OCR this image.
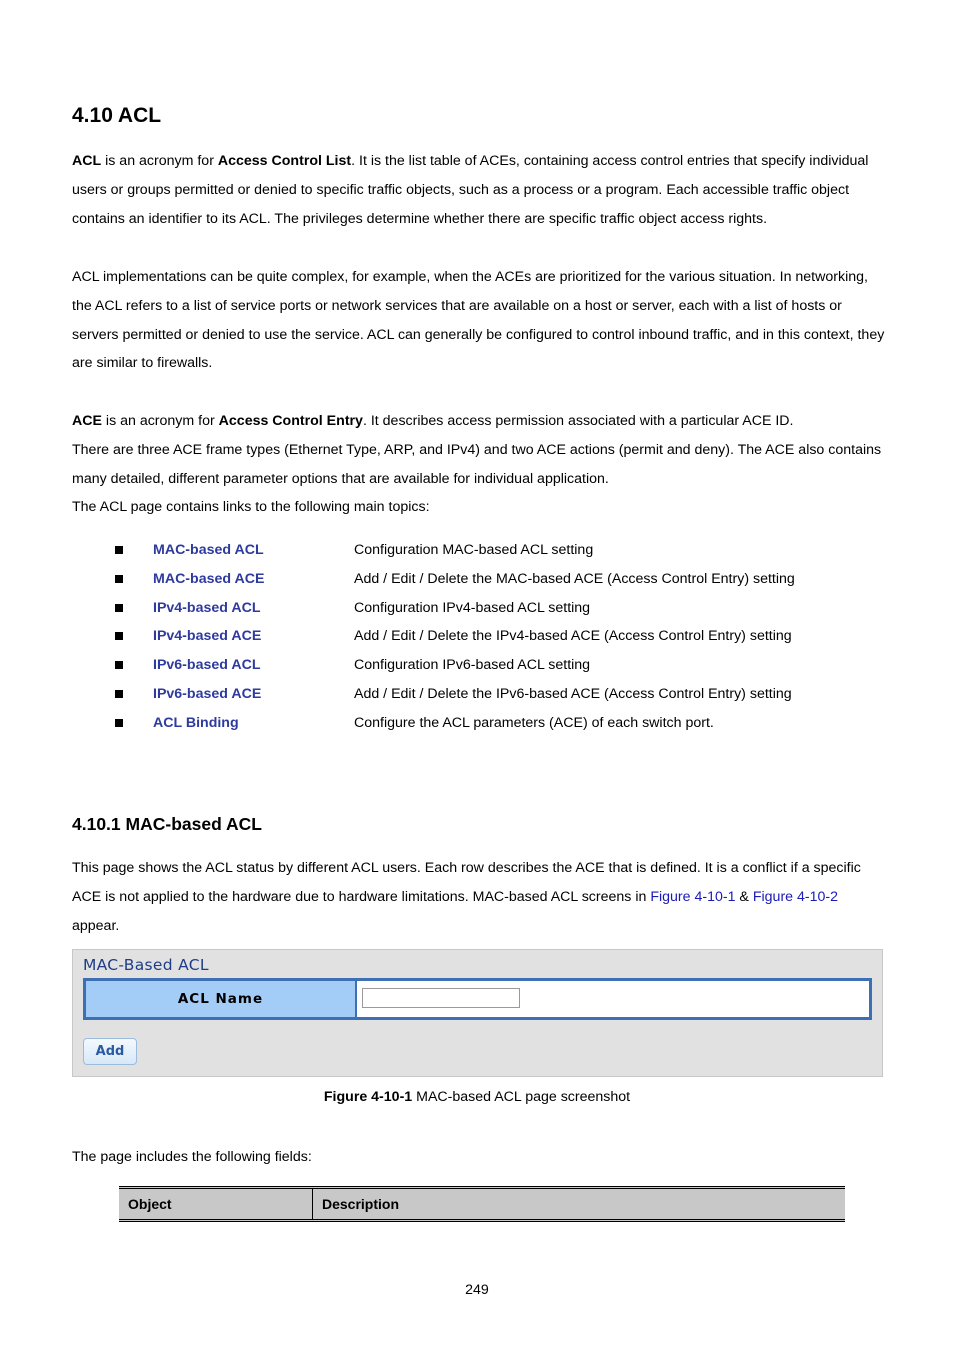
4.10 ACL

ACL is an acronym for Access Control List. It is the list table of ACEs, containing access control entries that specify individual users or groups permitted or denied to specific traffic objects, such as a process or a program. Each accessible traffic object contains an identifier to its ACL. The privileges determine whether there are specific traffic object access rights.

ACL implementations can be quite complex, for example, when the ACEs are prioritized for the various situation. In networking, the ACL refers to a list of service ports or network services that are available on a host or server, each with a list of hosts or servers permitted or denied to use the service. ACL can generally be configured to control inbound traffic, and in this context, they are similar to firewalls.

ACE is an acronym for Access Control Entry. It describes access permission associated with a particular ACE ID.

There are three ACE frame types (Ethernet Type, ARP, and IPv4) and two ACE actions (permit and deny). The ACE also contains many detailed, different parameter options that are available for individual application.

The ACL page contains links to the following main topics:

MAC-based ACL	Configuration MAC-based ACL setting
MAC-based ACE	Add / Edit / Delete the MAC-based ACE (Access Control Entry) setting
IPv4-based ACL	Configuration IPv4-based ACL setting
IPv4-based ACE	Add / Edit / Delete the IPv4-based ACE (Access Control Entry) setting
IPv6-based ACL	Configuration IPv6-based ACL setting
IPv6-based ACE	Add / Edit / Delete the IPv6-based ACE (Access Control Entry) setting
ACL Binding	Configure the ACL parameters (ACE) of each switch port.
4.10.1 MAC-based ACL

This page shows the ACL status by different ACL users. Each row describes the ACE that is defined. It is a conflict if a specific ACE is not applied to the hardware due to hardware limitations. MAC-based ACL screens in Figure 4-10-1 & Figure 4-10-2 appear.

MAC-Based ACL
ACL Name
Add
Figure 4-10-1 MAC-based ACL page screenshot

The page includes the following fields:

Object	Description
249
